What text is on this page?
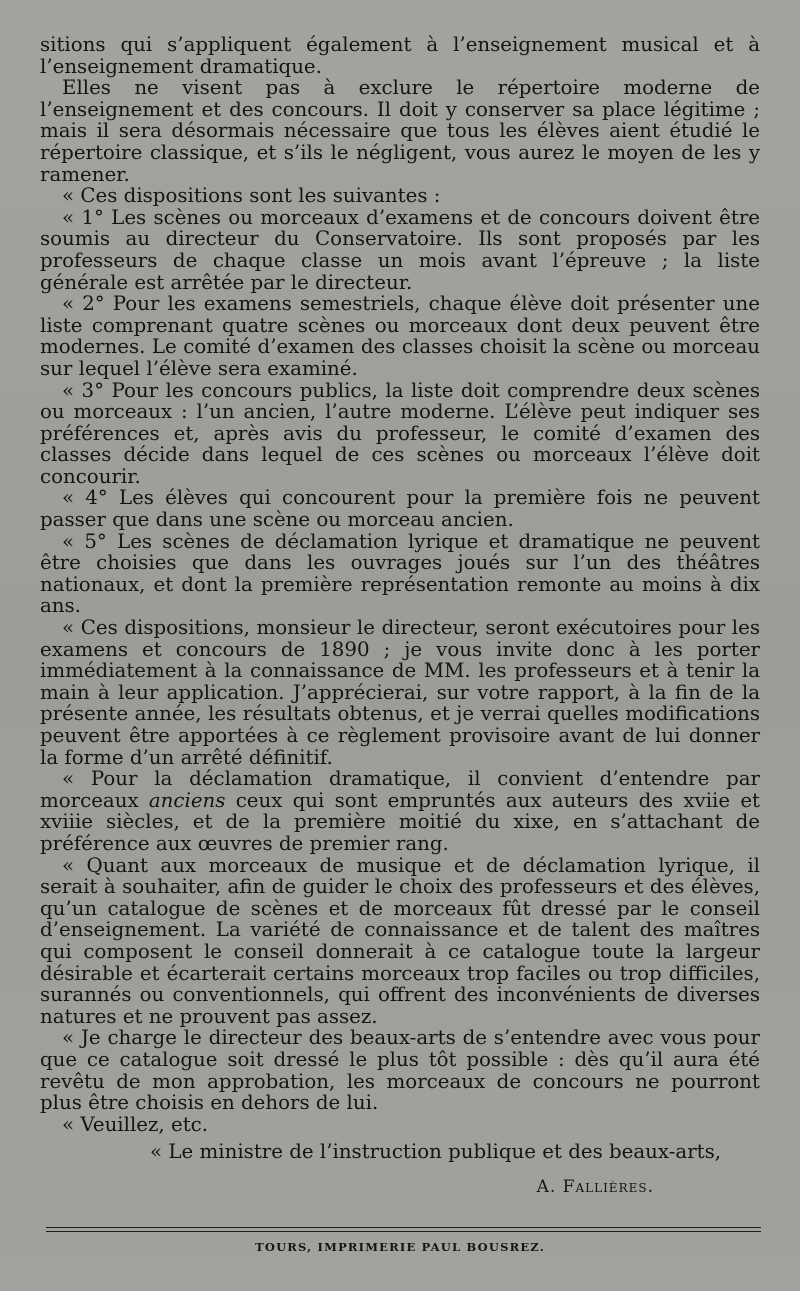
sitions qui s’appliquent également à l’enseignement musical et à l’enseignement dramatique.

Elles ne visent pas à exclure le répertoire moderne de l’enseignement et des concours. Il doit y conserver sa place légitime ; mais il sera désormais nécessaire que tous les élèves aient étudié le répertoire classique, et s’ils le négligent, vous aurez le moyen de les y ramener.

« Ces dispositions sont les suivantes :

« 1° Les scènes ou morceaux d’examens et de concours doivent être soumis au directeur du Conservatoire. Ils sont proposés par les professeurs de chaque classe un mois avant l’épreuve ; la liste générale est arrêtée par le directeur.

« 2° Pour les examens semestriels, chaque élève doit présenter une liste comprenant quatre scènes ou morceaux dont deux peuvent être modernes. Le comité d’examen des classes choisit la scène ou morceau sur lequel l’élève sera examiné.

« 3° Pour les concours publics, la liste doit comprendre deux scènes ou morceaux : l’un ancien, l’autre moderne. L’élève peut indiquer ses préférences et, après avis du professeur, le comité d’examen des classes décide dans lequel de ces scènes ou morceaux l’élève doit concourir.

« 4° Les élèves qui concourent pour la première fois ne peuvent passer que dans une scène ou morceau ancien.

« 5° Les scènes de déclamation lyrique et dramatique ne peuvent être choisies que dans les ouvrages joués sur l’un des théâtres nationaux, et dont la première représentation remonte au moins à dix ans.

« Ces dispositions, monsieur le directeur, seront exécutoires pour les examens et concours de 1890 ; je vous invite donc à les porter immédiatement à la connaissance de MM. les professeurs et à tenir la main à leur application. J’apprécierai, sur votre rapport, à la fin de la présente année, les résultats obtenus, et je verrai quelles modifications peuvent être apportées à ce règlement provisoire avant de lui donner la forme d’un arrêté définitif.

« Pour la déclamation dramatique, il convient d’entendre par morceaux anciens ceux qui sont empruntés aux auteurs des xviie et xviiie siècles, et de la première moitié du xixe, en s’attachant de préférence aux œuvres de premier rang.

« Quant aux morceaux de musique et de déclamation lyrique, il serait à souhaiter, afin de guider le choix des professeurs et des élèves, qu’un catalogue de scènes et de morceaux fût dressé par le conseil d’enseignement. La variété de connaissance et de talent des maîtres qui composent le conseil donnerait à ce catalogue toute la largeur désirable et écarterait certains morceaux trop faciles ou trop difficiles, surannés ou conventionnels, qui offrent des inconvénients de diverses natures et ne prouvent pas assez.

« Je charge le directeur des beaux-arts de s’entendre avec vous pour que ce catalogue soit dressé le plus tôt possible : dès qu’il aura été revêtu de mon approbation, les morceaux de concours ne pourront plus être choisis en dehors de lui.

« Veuillez, etc.

« Le ministre de l’instruction publique et des beaux-arts,
A. Fallières.
TOURS, IMPRIMERIE PAUL BOUSREZ.
